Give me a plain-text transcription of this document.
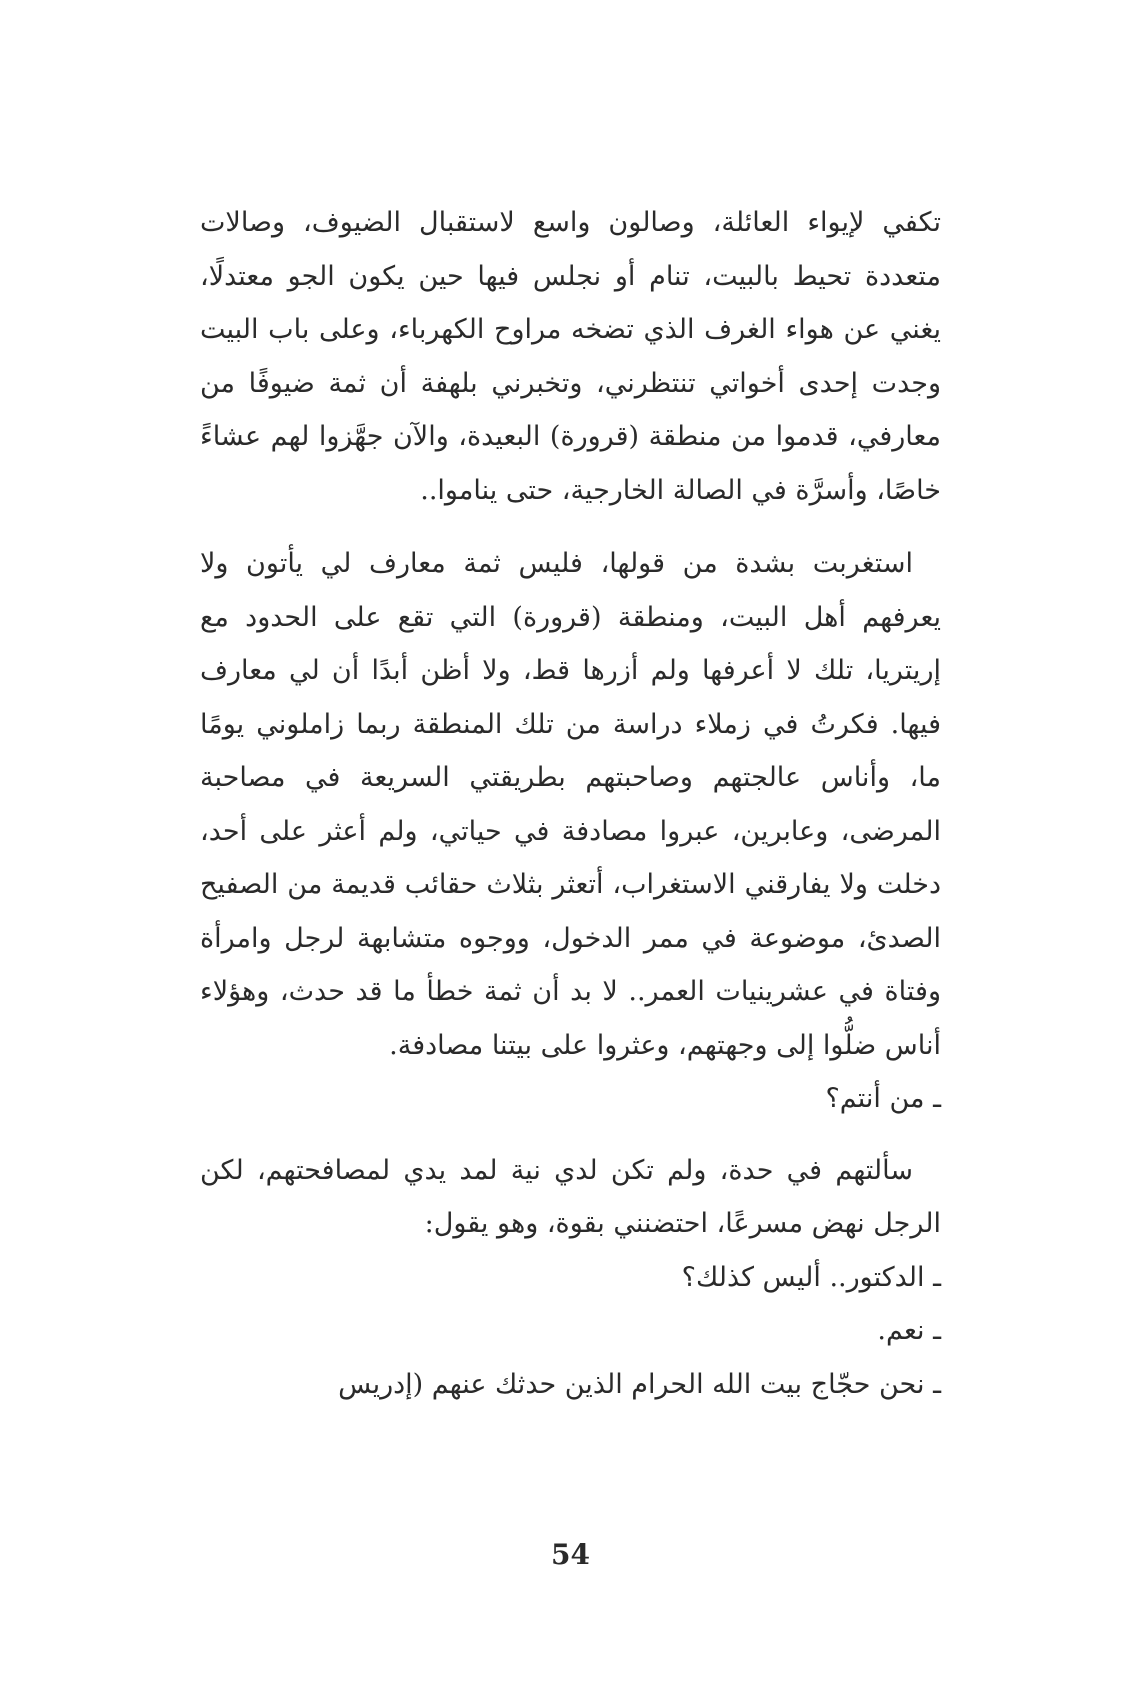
تكفي لإيواء العائلة، وصالون واسع لاستقبال الضيوف، وصالات متعددة تحيط بالبيت، تنام أو نجلس فيها حين يكون الجو معتدلًا، يغني عن هواء الغرف الذي تضخه مراوح الكهرباء، وعلى باب البيت وجدت إحدى أخواتي تنتظرني، وتخبرني بلهفة أن ثمة ضيوفًا من معارفي، قدموا من منطقة (قرورة) البعيدة، والآن جهَّزوا لهم عشاءً خاصًا، وأسرَّة في الصالة الخارجية، حتى يناموا..

استغربت بشدة من قولها، فليس ثمة معارف لي يأتون ولا يعرفهم أهل البيت، ومنطقة (قرورة) التي تقع على الحدود مع إريتريا، تلك لا أعرفها ولم أزرها قط، ولا أظن أبدًا أن لي معارف فيها. فكرتُ في زملاء دراسة من تلك المنطقة ربما زاملوني يومًا ما، وأناس عالجتهم وصاحبتهم بطريقتي السريعة في مصاحبة المرضى، وعابرين، عبروا مصادفة في حياتي، ولم أعثر على أحد، دخلت ولا يفارقني الاستغراب، أتعثر بثلاث حقائب قديمة من الصفيح الصدئ، موضوعة في ممر الدخول، ووجوه متشابهة لرجل وامرأة وفتاة في عشرينيات العمر.. لا بد أن ثمة خطأ ما قد حدث، وهؤلاء أناس ضلُّوا إلى وجهتهم، وعثروا على بيتنا مصادفة.

ـ من أنتم؟

سألتهم في حدة، ولم تكن لدي نية لمد يدي لمصافحتهم، لكن الرجل نهض مسرعًا، احتضنني بقوة، وهو يقول:

ـ الدكتور.. أليس كذلك؟

ـ نعم.

ـ نحن حجّاج بيت الله الحرام الذين حدثك عنهم (إدريس

54
